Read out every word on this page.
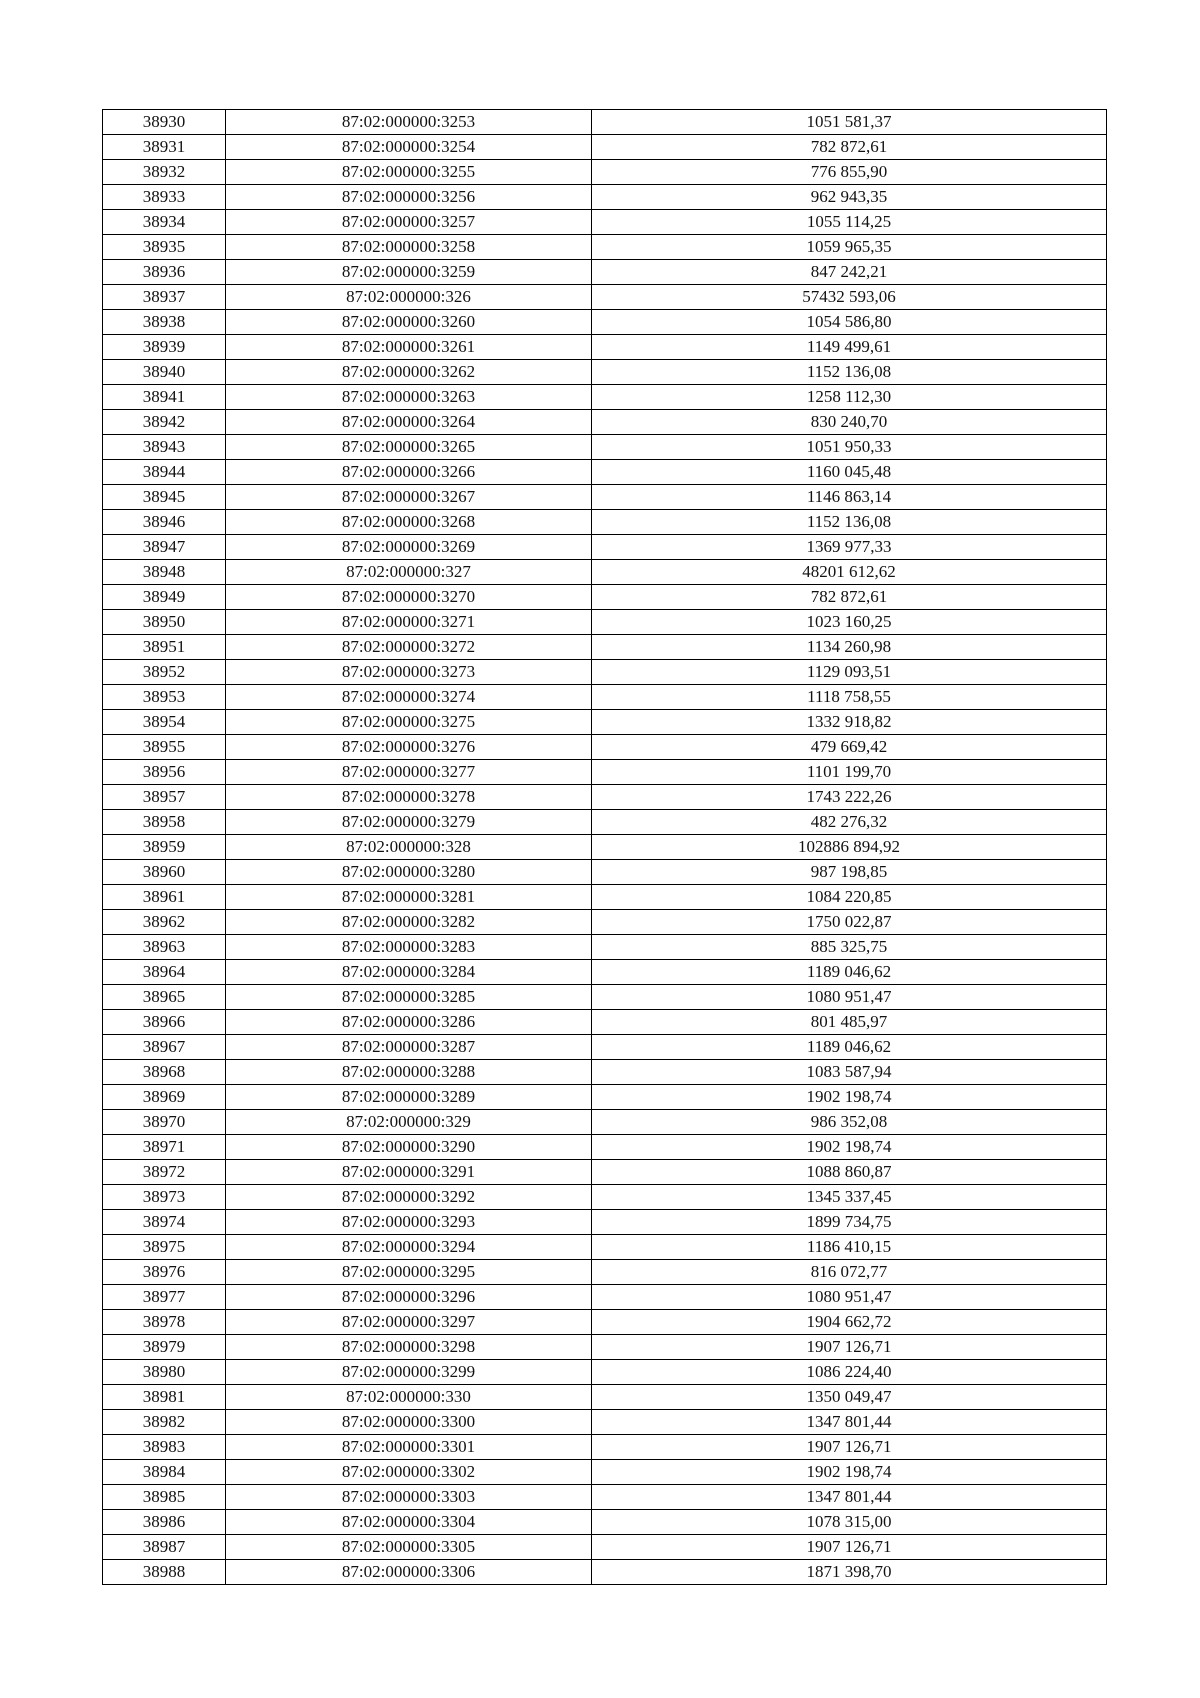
38930	87:02:000000:3253	1051 581,37
38931	87:02:000000:3254	782 872,61
38932	87:02:000000:3255	776 855,90
38933	87:02:000000:3256	962 943,35
38934	87:02:000000:3257	1055 114,25
38935	87:02:000000:3258	1059 965,35
38936	87:02:000000:3259	847 242,21
38937	87:02:000000:326	57432 593,06
38938	87:02:000000:3260	1054 586,80
38939	87:02:000000:3261	1149 499,61
38940	87:02:000000:3262	1152 136,08
38941	87:02:000000:3263	1258 112,30
38942	87:02:000000:3264	830 240,70
38943	87:02:000000:3265	1051 950,33
38944	87:02:000000:3266	1160 045,48
38945	87:02:000000:3267	1146 863,14
38946	87:02:000000:3268	1152 136,08
38947	87:02:000000:3269	1369 977,33
38948	87:02:000000:327	48201 612,62
38949	87:02:000000:3270	782 872,61
38950	87:02:000000:3271	1023 160,25
38951	87:02:000000:3272	1134 260,98
38952	87:02:000000:3273	1129 093,51
38953	87:02:000000:3274	1118 758,55
38954	87:02:000000:3275	1332 918,82
38955	87:02:000000:3276	479 669,42
38956	87:02:000000:3277	1101 199,70
38957	87:02:000000:3278	1743 222,26
38958	87:02:000000:3279	482 276,32
38959	87:02:000000:328	102886 894,92
38960	87:02:000000:3280	987 198,85
38961	87:02:000000:3281	1084 220,85
38962	87:02:000000:3282	1750 022,87
38963	87:02:000000:3283	885 325,75
38964	87:02:000000:3284	1189 046,62
38965	87:02:000000:3285	1080 951,47
38966	87:02:000000:3286	801 485,97
38967	87:02:000000:3287	1189 046,62
38968	87:02:000000:3288	1083 587,94
38969	87:02:000000:3289	1902 198,74
38970	87:02:000000:329	986 352,08
38971	87:02:000000:3290	1902 198,74
38972	87:02:000000:3291	1088 860,87
38973	87:02:000000:3292	1345 337,45
38974	87:02:000000:3293	1899 734,75
38975	87:02:000000:3294	1186 410,15
38976	87:02:000000:3295	816 072,77
38977	87:02:000000:3296	1080 951,47
38978	87:02:000000:3297	1904 662,72
38979	87:02:000000:3298	1907 126,71
38980	87:02:000000:3299	1086 224,40
38981	87:02:000000:330	1350 049,47
38982	87:02:000000:3300	1347 801,44
38983	87:02:000000:3301	1907 126,71
38984	87:02:000000:3302	1902 198,74
38985	87:02:000000:3303	1347 801,44
38986	87:02:000000:3304	1078 315,00
38987	87:02:000000:3305	1907 126,71
38988	87:02:000000:3306	1871 398,70
